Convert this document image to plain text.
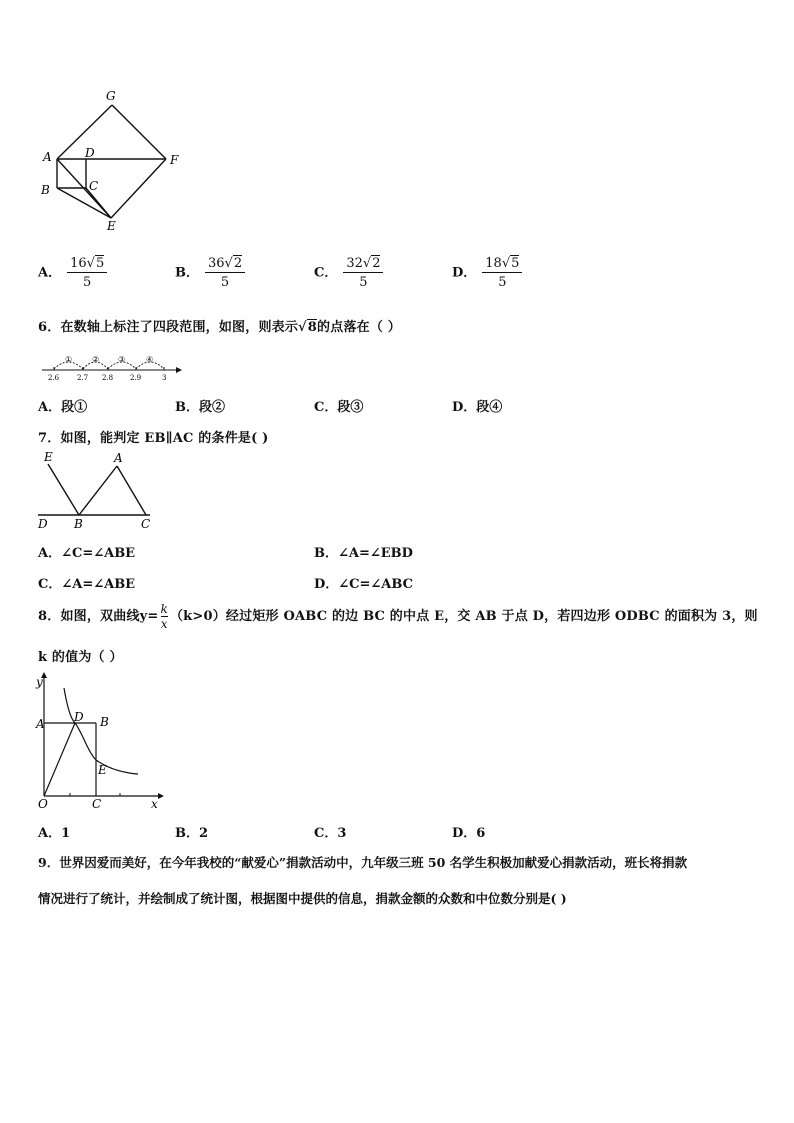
G
A	D	F
B	C
E
A． $\frac{16√5}{5}$	B． $\frac{36√2}{5}$	C． $\frac{32√2}{5}$	D． $\frac{18√5}{5}$
6．在数轴上标注了四段范围，如图，则表示√8的点落在（ ）
① ② ③	④
2.6	2.7 2.8 2.9	3
A．段①	B．段②	C．段③	D．段④
7．如图，能判定 EB∥AC 的条件是( )
E	A
D B	C
A．∠C=∠ABE	B．∠A=∠EBD
C．∠A=∠ABE	D．∠C=∠ABC
8．如图，双曲线$y= \frac{k}{x} (k>0)$经过矩形 OABC 的边 BC 的中点 E，交 AB 于点 D，若四边形 ODBC 的面积为 3，则
k 的值为（ ）
y
A D B
E
O	C	x
A．1	B．2	C．3	D．6
9．世界因爱而美好，在今年我校的“献爱心”捐款活动中，九年级三班 50 名学生积极加献爱心捐款活动，班长将捐款
情况进行了统计，并绘制成了统计图，根据图中提供的信息，捐款金额的众数和中位数分别是( )
